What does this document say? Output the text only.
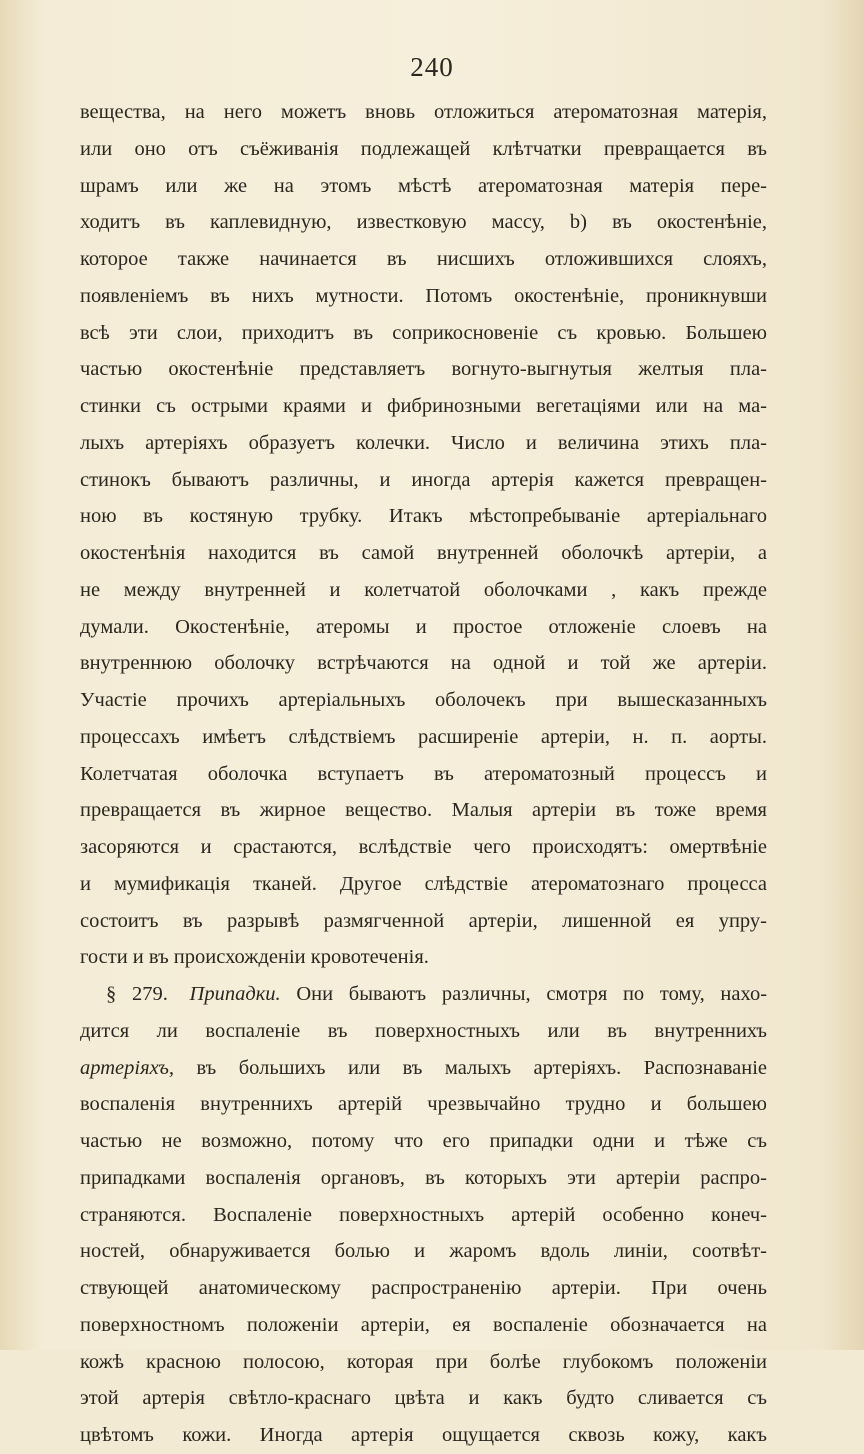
240
вещества, на него можетъ вновь отложиться атероматозная матерія,
или оно отъ съёживанія подлежащей клѣтчатки превращается въ
шрамъ или же на этомъ мѣстѣ атероматозная матерія пере-
ходитъ въ каплевидную, известковую массу, b) въ окостенѣніе,
которое также начинается въ нисшихъ отложившихся слояхъ,
появленіемъ въ нихъ мутности. Потомъ окостенѣніе, проникнувши
всѣ эти слои, приходитъ въ соприкосновеніе съ кровью. Большею
частью окостенѣніе представляетъ вогнуто-выгнутыя желтыя пла-
стинки съ острыми краями и фибринозными вегетаціями или на ма-
лыхъ артеріяхъ образуетъ колечки. Число и величина этихъ пла-
стинокъ бываютъ различны, и иногда артерія кажется превращен-
ною въ костяную трубку. Итакъ мѣстопребываніе артеріальнаго
окостенѣнія находится въ самой внутренней оболочкѣ артеріи, а
не между внутренней и колетчатой оболочками , какъ прежде
думали. Окостенѣніе, атеромы и простое отложеніе слоевъ на
внутреннюю оболочку встрѣчаются на одной и той же артеріи.
Участіе прочихъ артеріальныхъ оболочекъ при вышесказанныхъ
процессахъ имѣетъ слѣдствіемъ расширеніе артеріи, н. п. аорты.
Колетчатая оболочка вступаетъ въ атероматозный процессъ и
превращается въ жирное вещество. Малыя артеріи въ тоже время
засоряются и срастаются, вслѣдствіе чего происходятъ: омертвѣніе
и мумификація тканей. Другое слѣдствіе атероматознаго процесса
состоитъ въ разрывѣ размягченной артеріи, лишенной ея упру-
гости и въ происхожденіи кровотеченія.
§ 279. Припадки. Они бываютъ различны, смотря по тому, нахо-
дится ли воспаленіе въ поверхностныхъ или въ внутреннихъ
артеріяхъ, въ большихъ или въ малыхъ артеріяхъ. Распознаваніе
воспаленія внутреннихъ артерій чрезвычайно трудно и большею
частью не возможно, потому что его припадки одни и тѣже съ
припадками воспаленія органовъ, въ которыхъ эти артеріи распро-
страняются. Воспаленіе поверхностныхъ артерій особенно конеч-
ностей, обнаруживается болью и жаромъ вдоль линіи, соотвѣт-
ствующей анатомическому распространенію артеріи. При очень
поверхностномъ положеніи артеріи, ея воспаленіе обозначается на
кожѣ красною полосою, которая при болѣе глубокомъ положеніи
этой артерія свѣтло-краснаго цвѣта и какъ будто сливается съ
цвѣтомъ кожи. Иногда артерія ощущается сквозь кожу, какъ
